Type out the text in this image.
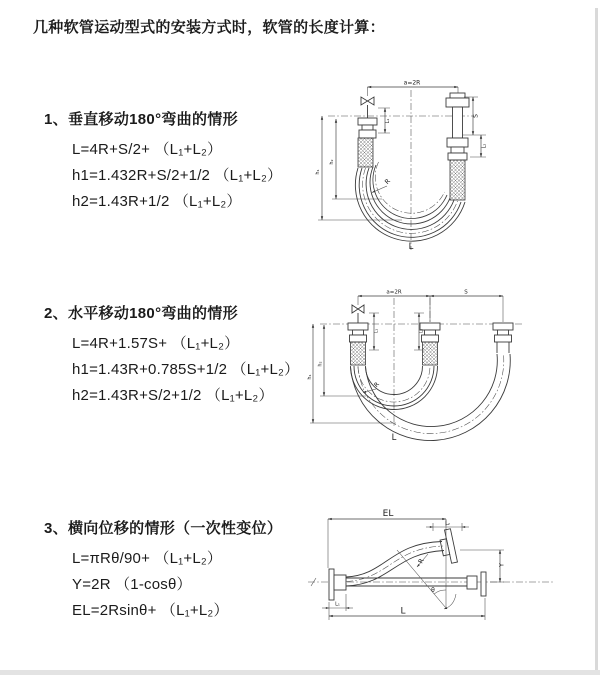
几种软管运动型式的安装方式时，软管的长度计算：

1、垂直移动180°弯曲的情形

L=4R+S/2+ （L₁+L₂）
h1=1.432R+S/2+1/2 （L₁+L₂）
h2=1.43R+1/2 （L₁+L₂）

2、水平移动180°弯曲的情形

L=4R+1.57S+ （L₁+L₂）
h1=1.43R+0.785S+1/2 （L₁+L₂）
h2=1.43R+S/2+1/2 （L₁+L₂）

3、横向位移的情形（一次性变位）

L=πRθ/90+ （L₁+L₂）
Y=2R （1-cosθ）
EL=2Rsinθ+ （L₁+L₂）
a=2R
L₁
S
L₂
h₁
h₂
R
L
a=2R	S
L₁	L₂
h₁
h₂
R
L
EL
L₂
Y
θ
R
L
L₁
